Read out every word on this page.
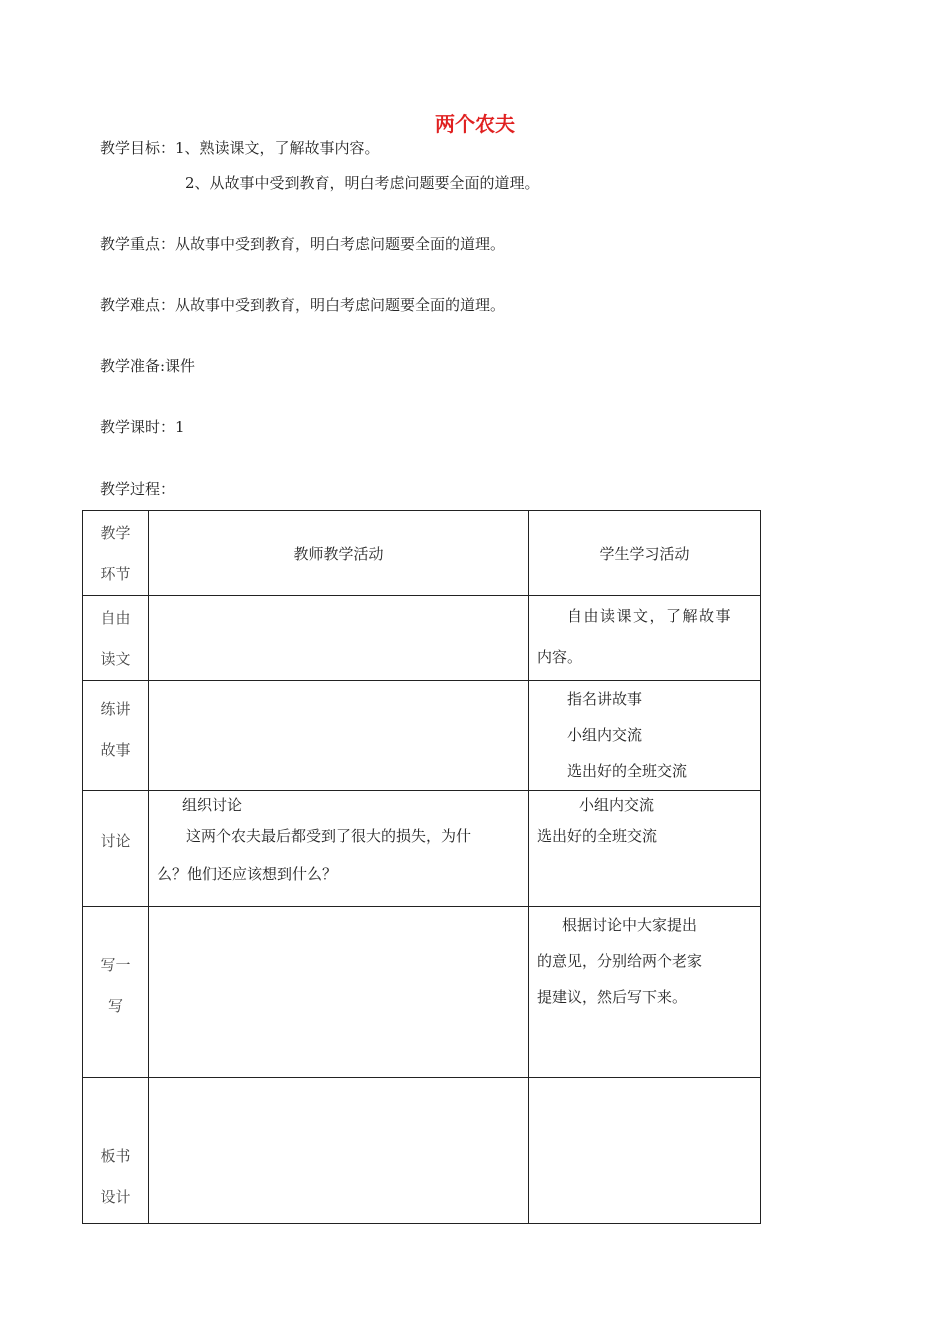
两个农夫
教学目标：1、熟读课文，了解故事内容。
2、从故事中受到教育，明白考虑问题要全面的道理。
教学重点：从故事中受到教育，明白考虑问题要全面的道理。
教学难点：从故事中受到教育，明白考虑问题要全面的道理。
教学准备:课件
教学课时：1
教学过程：
教学
环节	教师教学活动	学生学习活动

自由
读文		自由读课文，了解故事
内容。

练讲
故事		指名讲故事
小组内交流
选出好的全班交流

讨论	组织讨论
这两个农夫最后都受到了很大的损失，为什
么？他们还应该想到什么？	小组内交流
选出好的全班交流

写一
写		根据讨论中大家提出
的意见，分别给两个老家
提建议，然后写下来。

板书
设计		
